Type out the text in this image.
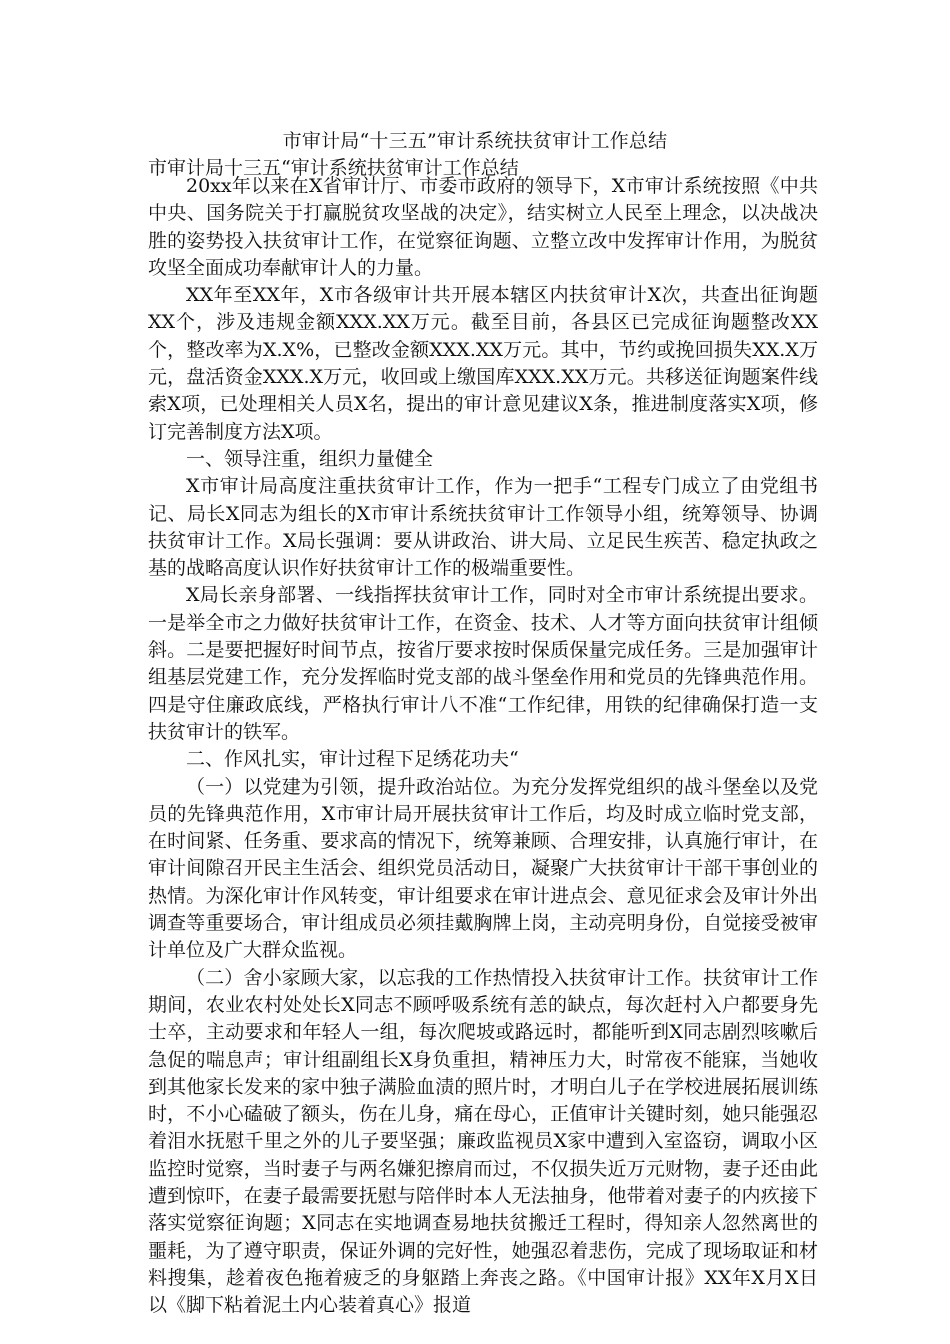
市审计局“十三五”审计系统扶贫审计工作总结
市审计局十三五“审计系统扶贫审计工作总结

20xx年以来在X省审计厅、市委市政府的领导下，X市审计系统按照《中共中央、国务院关于打赢脱贫攻坚战的决定》，结实树立人民至上理念，以决战决胜的姿势投入扶贫审计工作，在觉察征询题、立整立改中发挥审计作用，为脱贫攻坚全面成功奉献审计人的力量。

XX年至XX年，X市各级审计共开展本辖区内扶贫审计X次，共查出征询题XX个，涉及违规金额XXX.XX万元。截至目前，各县区已完成征询题整改XX个，整改率为X.X%，已整改金额XXX.XX万元。其中，节约或挽回损失XX.X万元，盘活资金XXX.X万元，收回或上缴国库XXX.XX万元。共移送征询题案件线索X项，已处理相关人员X名，提出的审计意见建议X条，推进制度落实X项，修订完善制度方法X项。

一、领导注重，组织力量健全

X市审计局高度注重扶贫审计工作，作为一把手“工程专门成立了由党组书记、局长X同志为组长的X市审计系统扶贫审计工作领导小组，统筹领导、协调扶贫审计工作。X局长强调：要从讲政治、讲大局、立足民生疾苦、稳定执政之基的战略高度认识作好扶贫审计工作的极端重要性。

X局长亲身部署、一线指挥扶贫审计工作，同时对全市审计系统提出要求。一是举全市之力做好扶贫审计工作，在资金、技术、人才等方面向扶贫审计组倾斜。二是要把握好时间节点，按省厅要求按时保质保量完成任务。三是加强审计组基层党建工作，充分发挥临时党支部的战斗堡垒作用和党员的先锋典范作用。四是守住廉政底线，严格执行审计八不准“工作纪律，用铁的纪律确保打造一支扶贫审计的铁军。

二、作风扎实，审计过程下足绣花功夫“

（一）以党建为引领，提升政治站位。为充分发挥党组织的战斗堡垒以及党员的先锋典范作用，X市审计局开展扶贫审计工作后，均及时成立临时党支部，在时间紧、任务重、要求高的情况下，统筹兼顾、合理安排，认真施行审计，在审计间隙召开民主生活会、组织党员活动日，凝聚广大扶贫审计干部干事创业的热情。为深化审计作风转变，审计组要求在审计进点会、意见征求会及审计外出调查等重要场合，审计组成员必须挂戴胸牌上岗，主动亮明身份，自觉接受被审计单位及广大群众监视。

（二）舍小家顾大家，以忘我的工作热情投入扶贫审计工作。扶贫审计工作期间，农业农村处处长X同志不顾呼吸系统有恙的缺点，每次赶村入户都要身先士卒，主动要求和年轻人一组，每次爬坡或路远时，都能听到X同志剧烈咳嗽后急促的喘息声；审计组副组长X身负重担，精神压力大，时常夜不能寐，当她收到其他家长发来的家中独子满脸血渍的照片时，才明白儿子在学校进展拓展训练时，不小心磕破了额头，伤在儿身，痛在母心，正值审计关键时刻，她只能强忍着泪水抚慰千里之外的儿子要坚强；廉政监视员X家中遭到入室盗窃，调取小区监控时觉察，当时妻子与两名嫌犯擦肩而过，不仅损失近万元财物，妻子还由此遭到惊吓，在妻子最需要抚慰与陪伴时本人无法抽身，他带着对妻子的内疚接下落实觉察征询题；X同志在实地调查易地扶贫搬迁工程时，得知亲人忽然离世的噩耗，为了遵守职责，保证外调的完好性，她强忍着悲伤，完成了现场取证和材料搜集，趁着夜色拖着疲乏的身躯踏上奔丧之路。《中国审计报》XX年X月X日以《脚下粘着泥土内心装着真心》报道
